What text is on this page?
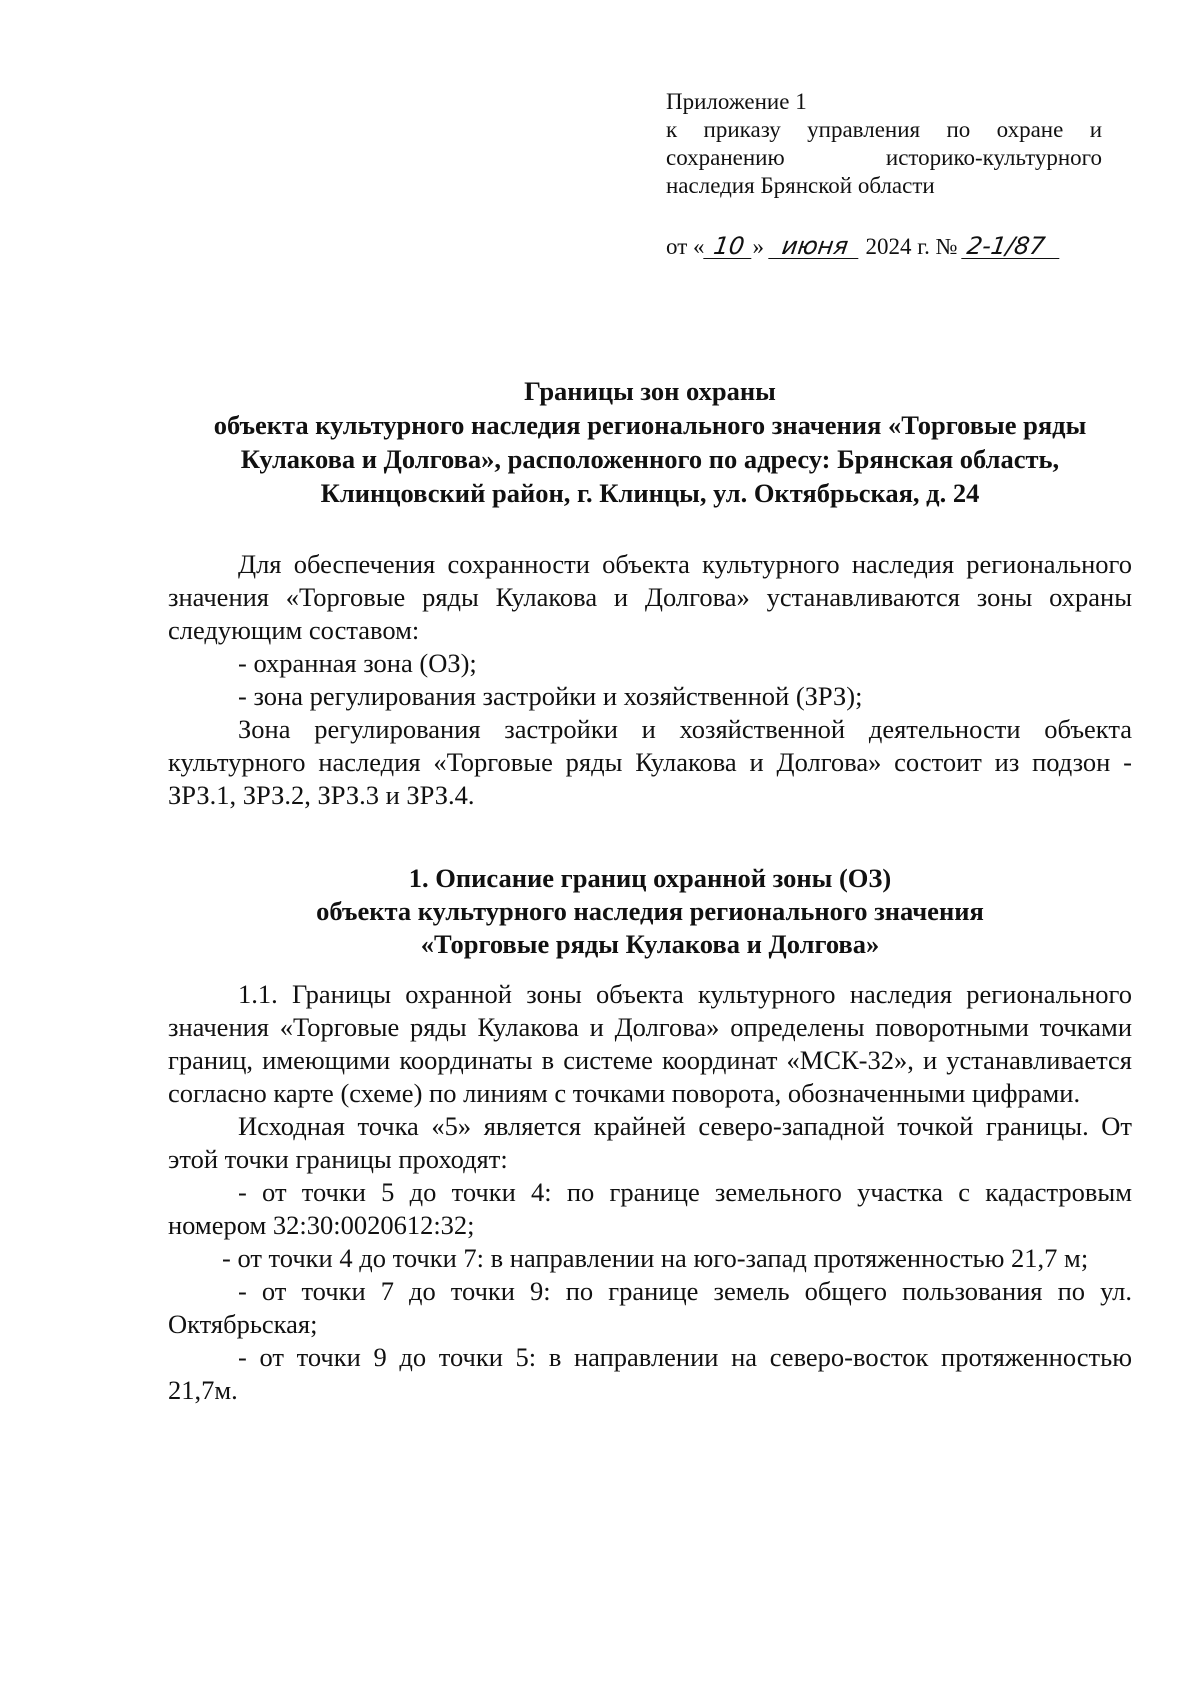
Приложение 1
к приказу управления по охране и
сохранению историко-культурного
наследия Брянской области
от « 10 » июня 2024 г. № 2-1/87
Границы зон охраны
объекта культурного наследия регионального значения «Торговые ряды
Кулакова и Долгова», расположенного по адресу: Брянская область,
Клинцовский район, г. Клинцы, ул. Октябрьская, д. 24

Для обеспечения сохранности объекта культурного наследия регионального значения «Торговые ряды Кулакова и Долгова» устанавливаются зоны охраны следующим составом:

- охранная зона (ОЗ);

- зона регулирования застройки и хозяйственной (ЗРЗ);

Зона регулирования застройки и хозяйственной деятельности объекта культурного наследия «Торговые ряды Кулакова и Долгова» состоит из подзон - ЗРЗ.1, ЗРЗ.2, ЗРЗ.3 и ЗРЗ.4.

1. Описание границ охранной зоны (ОЗ)
объекта культурного наследия регионального значения
«Торговые ряды Кулакова и Долгова»

1.1. Границы охранной зоны объекта культурного наследия регионального значения «Торговые ряды Кулакова и Долгова» определены поворотными точками границ, имеющими координаты в системе координат «МСК-32», и устанавливается согласно карте (схеме) по линиям с точками поворота, обозначенными цифрами.

Исходная точка «5» является крайней северо-западной точкой границы. От этой точки границы проходят:

- от точки 5 до точки 4: по границе земельного участка с кадастровым номером 32:30:0020612:32;

- от точки 4 до точки 7: в направлении на юго-запад протяженностью 21,7 м;

- от точки 7 до точки 9: по границе земель общего пользования по ул. Октябрьская;

- от точки 9 до точки 5: в направлении на северо-восток протяженностью 21,7м.
